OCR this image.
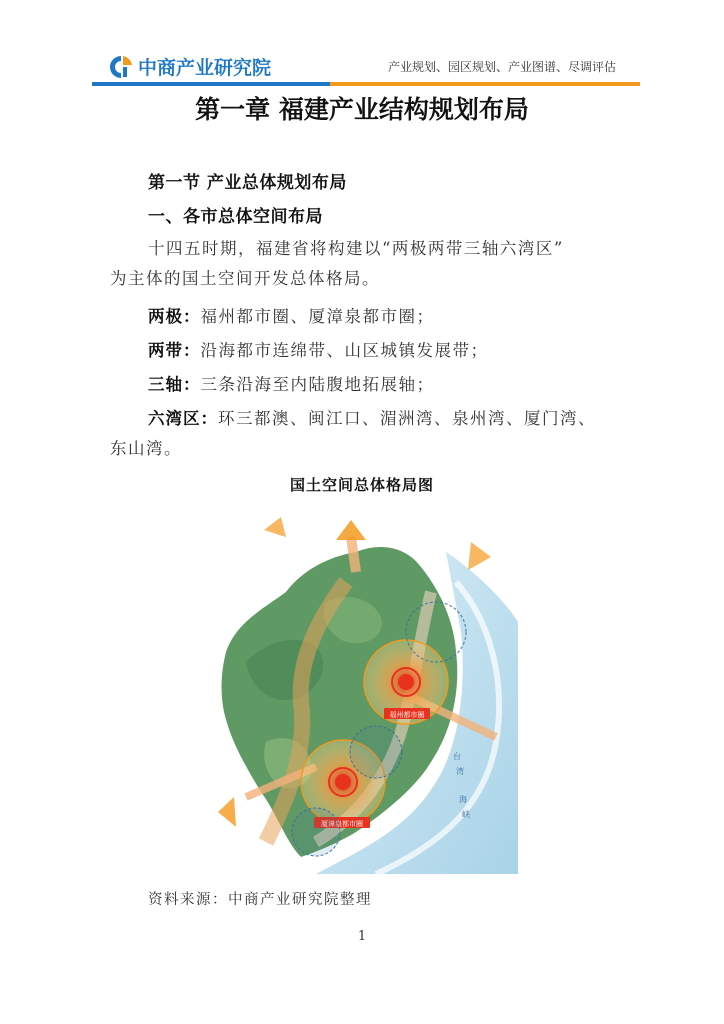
中商产业研究院	产业规划、园区规划、产业图谱、尽调评估
第一章 福建产业结构规划布局
第一节 产业总体规划布局
一、各市总体空间布局
十四五时期，福建省将构建以“两极两带三轴六湾区”
为主体的国土空间开发总体格局。
两极：福州都市圈、厦漳泉都市圈；
两带：沿海都市连绵带、山区城镇发展带；
三轴：三条沿海至内陆腹地拓展轴；
六湾区：环三都澳、闽江口、湄洲湾、泉州湾、厦门湾、
东山湾。
国土空间总体格局图
福州都市圈
厦漳泉都市圈
台
湾
海
峡
资料来源：中商产业研究院整理
1
